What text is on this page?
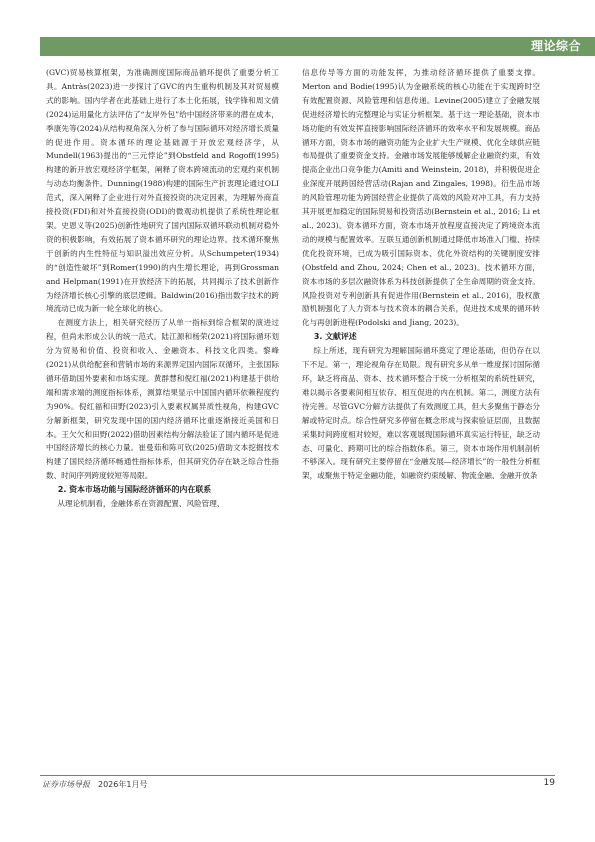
理论综合

(GVC)贸易核算框架，为准确测度国际商品循环提供了重要分析工具。Antràs(2023)进一步探讨了GVC的内生重构机制及其对贸易模式的影响。国内学者在此基础上进行了本土化拓展，钱学锋和周文倩(2024)运用量化方法评估了“友岸外包”给中国经济带来的潜在成本，季康先等(2024)从结构视角深入分析了参与国际循环对经济增长质量的促进作用。资本循环的理论基础源于开放宏观经济学，从Mundell(1963)提出的“三元悖论”到Obstfeld and Rogoff(1995)构建的新开放宏观经济学框架，阐释了资本跨境流动的宏观约束机制与动态均衡条件。Dunning(1988)构建的国际生产折衷理论通过OLI范式，深入阐释了企业进行对外直接投资的决定因素，为理解外商直接投资(FDI)和对外直接投资(ODI)的微观动机提供了系统性理论框架。史恩义等(2025)创新性地研究了国内国际双循环联动机制对稳外资的积极影响，有效拓展了资本循环研究的理论边界。技术循环聚焦于创新的内生性特征与知识溢出效应分析。从Schumpeter(1934)的“创造性破坏”到Romer(1990)的内生增长理论，再到Grossman and Helpman(1991)在开放经济下的拓展，共同揭示了技术创新作为经济增长核心引擎的底层逻辑。Baldwin(2016)指出数字技术的跨境流动已成为新一轮全球化的核心。

在测度方法上，相关研究经历了从单一指标到综合框架的演进过程，但尚未形成公认的统一范式。陆江源和杨荣(2021)将国际循环划分为贸易和价值、投资和收入、金融资本、科技文化四类。黎峰(2021)从供给配套和营销市场的来源界定国内国际双循环，主张国际循环借助国外要素和市场实现。黄群慧和倪红福(2021)构建基于供给端和需求端的测度指标体系，测算结果显示中国国内循环依赖程度约为90%。倪红福和田野(2023)引入要素权属异质性视角，构建GVC分解新框架，研究发现中国的国内经济循环比重逐渐接近美国和日本。王欠欠和田野(2022)借助因素结构分解法验证了国内循环是促进中国经济增长的核心力量。崔曼茹和陈可钦(2025)借助文本挖掘技术构建了国民经济循环畅通性指标体系，但其研究仍存在缺乏综合性指数、时间序列跨度较短等局限。

2. 资本市场功能与国际经济循环的内在联系

从理论机制看，金融体系在资源配置、风险管理、

信息传导等方面的功能发挥，为推动经济循环提供了重要支撑。Merton and Bodie(1995)认为金融系统的核心功能在于实现跨时空有效配置资源、风险管理和信息传递。Levine(2005)建立了金融发展促进经济增长的完整理论与实证分析框架。基于这一理论基础，资本市场功能的有效发挥直接影响国际经济循环的效率水平和发展规模。商品循环方面，资本市场的融资功能为企业扩大生产规模、优化全球供应链布局提供了重要资金支持。金融市场发展能够缓解企业融资约束，有效提高企业出口竞争能力(Amiti and Weinstein, 2018)，并积极促进企业深度开展跨国经营活动(Rajan and Zingales, 1998)。衍生品市场的风险管理功能为跨国经营企业提供了高效的风险对冲工具，有力支持其开展更加稳定的国际贸易和投资活动(Bernstein et al., 2016; Li et al., 2023)。资本循环方面，资本市场开放程度直接决定了跨境资本流动的规模与配置效率。互联互通创新机制通过降低市场准入门槛、持续优化投资环境，已成为吸引国际资本、优化外资结构的关键制度安排(Obstfeld and Zhou, 2024; Chen et al., 2023)。技术循环方面，资本市场的多层次融资体系为科技创新提供了全生命周期的资金支持。风险投资对专利创新具有促进作用(Bernstein et al., 2016)，股权激励机制强化了人力资本与技术资本的耦合关系，促进技术成果的循环转化与再创新进程(Podolski and Jiang, 2023)。

3. 文献评述

综上所述，现有研究为理解国际循环奠定了理论基础，但仍存在以下不足。第一，理论视角存在局限。现有研究多从单一维度探讨国际循环，缺乏将商品、资本、技术循环整合于统一分析框架的系统性研究，难以揭示各要素间相互依存、相互促进的内在机制。第二，测度方法有待完善。尽管GVC分解方法提供了有效测度工具，但大多聚焦于静态分解或特定时点。综合性研究多停留在概念形成与探索验证层面，且数据采集时间跨度相对较短，难以客观展现国际循环真实运行特征，缺乏动态、可量化、跨期可比的综合指数体系。第三，资本市场作用机制剖析不够深入。现有研究主要停留在“金融发展—经济增长”的一般性分析框架，或聚焦于特定金融功能，如融资约束缓解、物流金融、金融开放条

证券市场导报 2026年1月号	19
